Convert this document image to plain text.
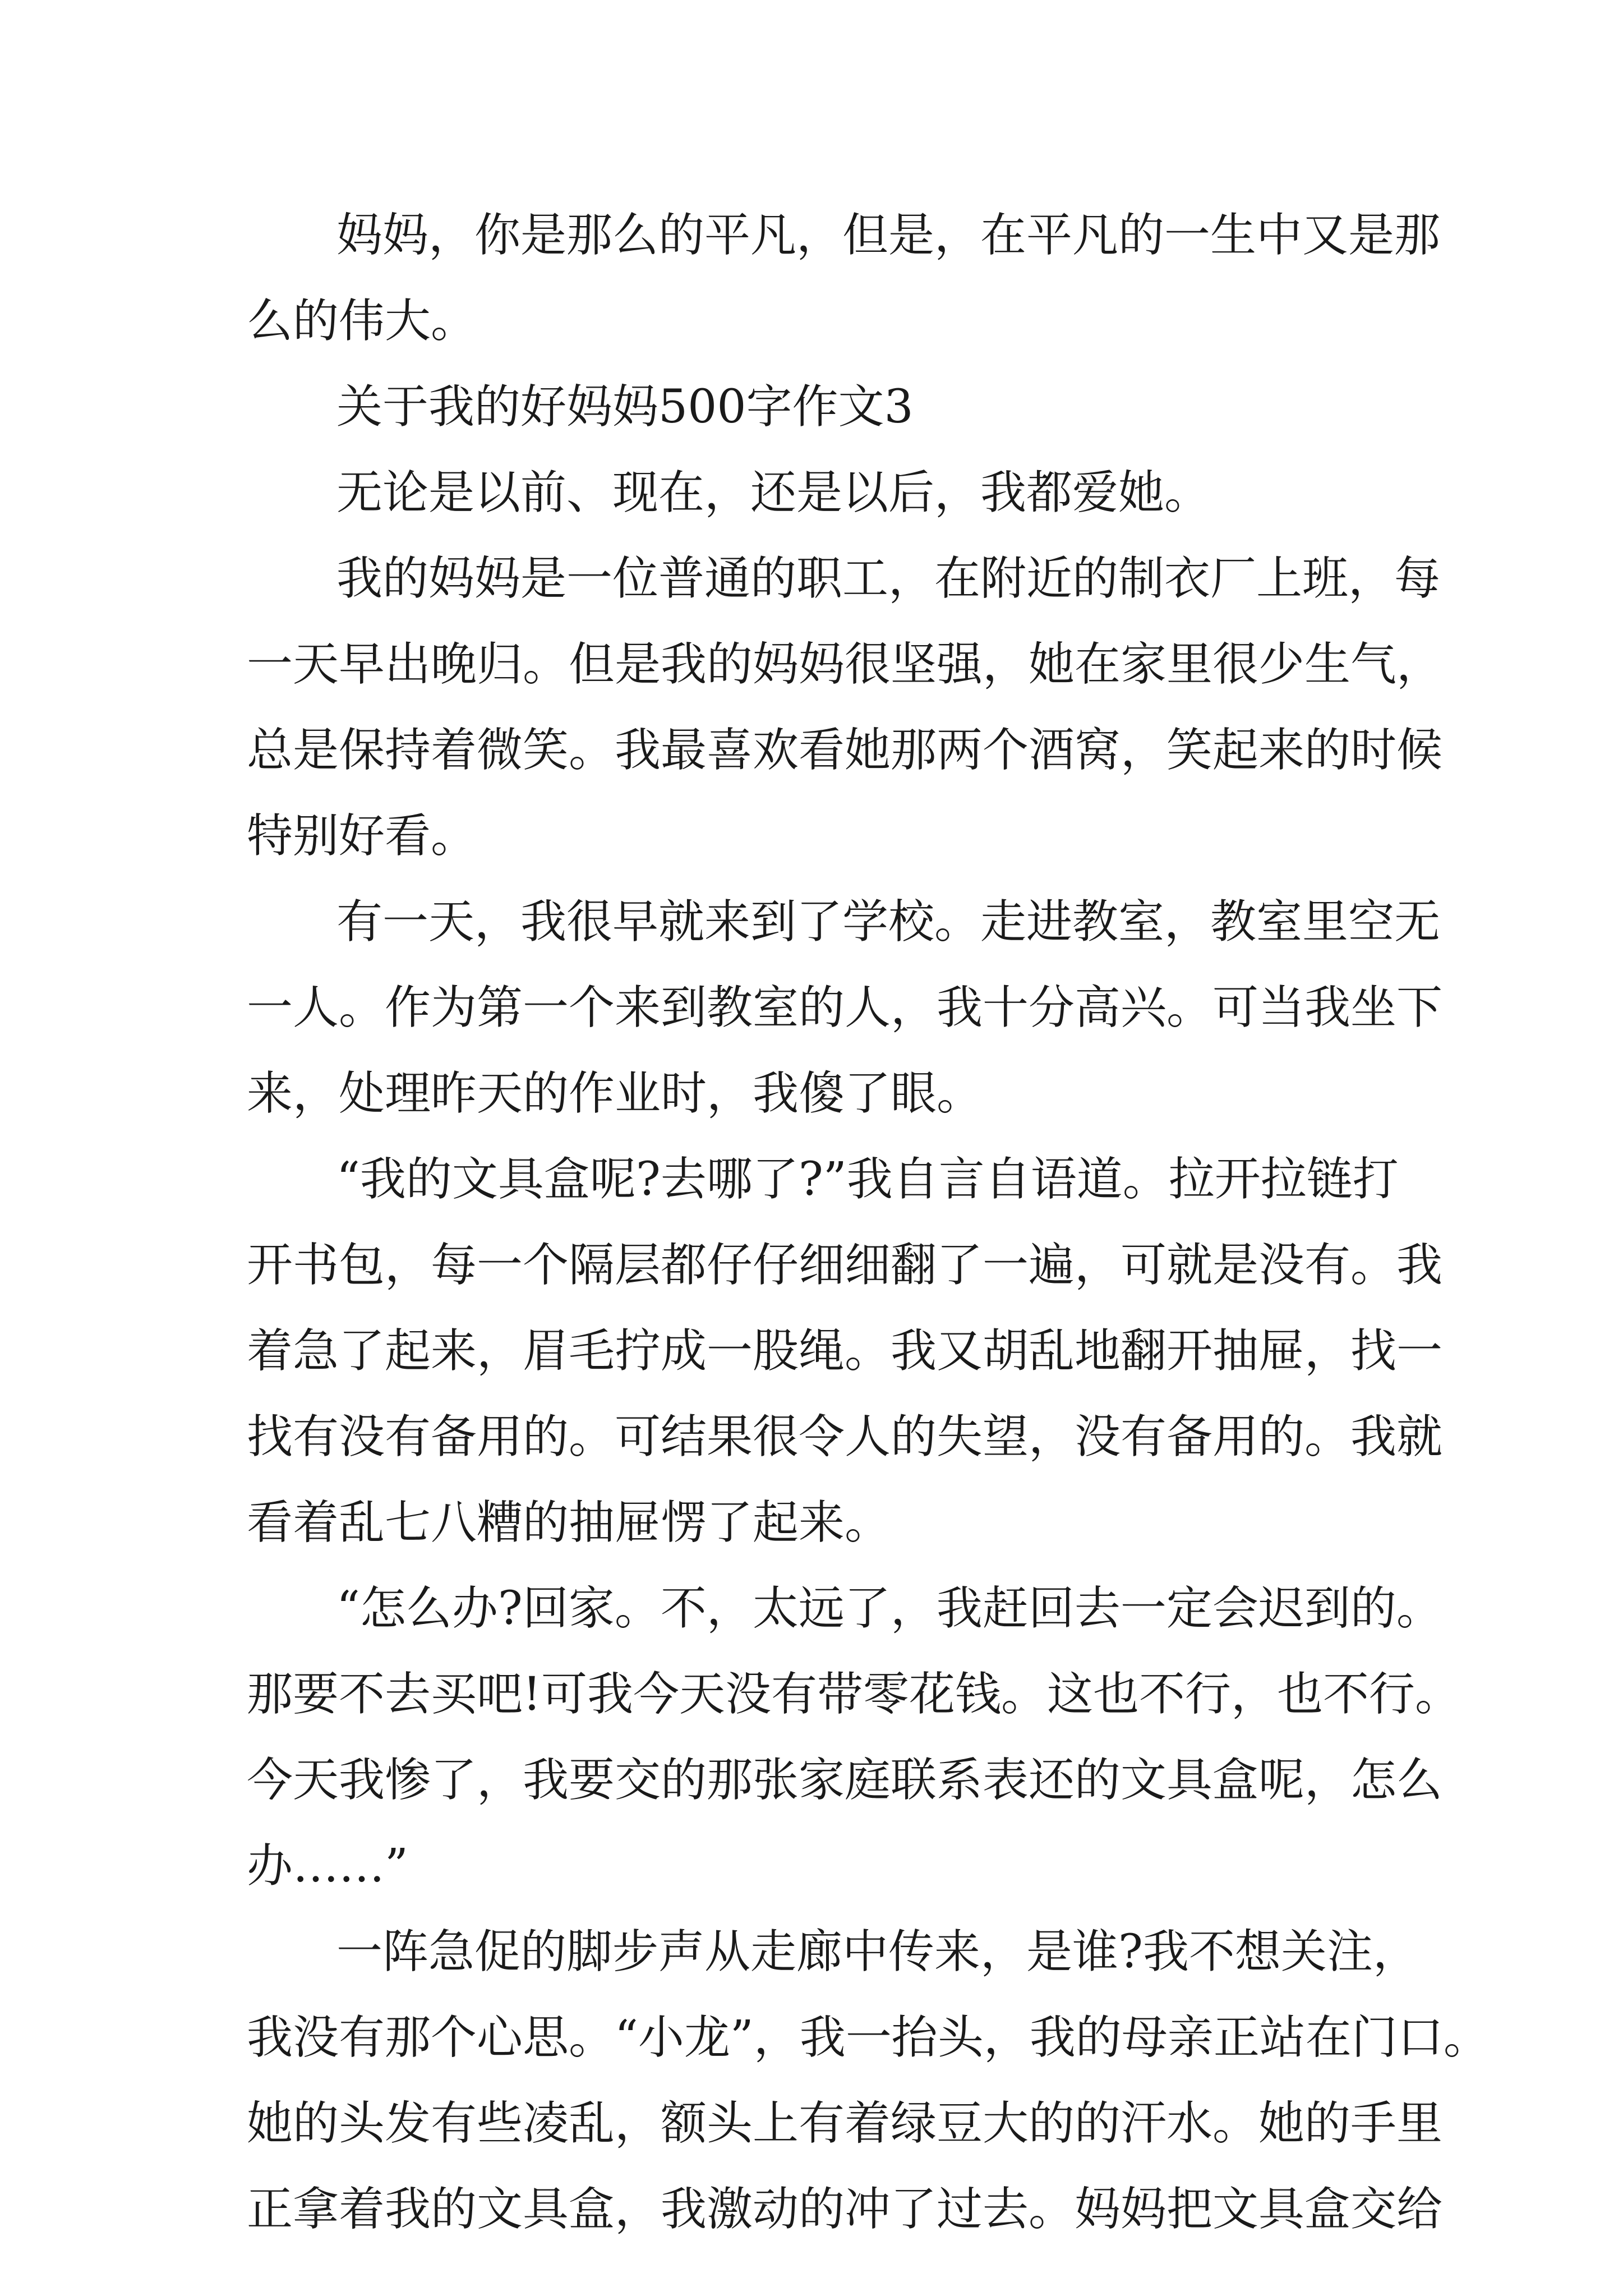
妈妈，你是那么的平凡，但是，在平凡的一生中又是那
么的伟大。
关于我的好妈妈500字作文3
无论是以前、现在，还是以后，我都爱她。
我的妈妈是一位普通的职工，在附近的制衣厂上班，每
一天早出晚归。但是我的妈妈很坚强，她在家里很少生气，
总是保持着微笑。我最喜欢看她那两个酒窝，笑起来的时候
特别好看。
有一天，我很早就来到了学校。走进教室，教室里空无
一人。作为第一个来到教室的人，我十分高兴。可当我坐下
来，处理昨天的作业时，我傻了眼。
“我的文具盒呢?去哪了?”我自言自语道。拉开拉链打
开书包，每一个隔层都仔仔细细翻了一遍，可就是没有。我
着急了起来，眉毛拧成一股绳。我又胡乱地翻开抽屉，找一
找有没有备用的。可结果很令人的失望，没有备用的。我就
看着乱七八糟的抽屉愣了起来。
“怎么办?回家。不，太远了，我赶回去一定会迟到的。
那要不去买吧!可我今天没有带零花钱。这也不行，也不行。
今天我惨了，我要交的那张家庭联系表还的文具盒呢，怎么
办……”
一阵急促的脚步声从走廊中传来，是谁?我不想关注，
我没有那个心思。“小龙”，我一抬头，我的母亲正站在门口。
她的头发有些凌乱，额头上有着绿豆大的的汗水。她的手里
正拿着我的文具盒，我激动的冲了过去。妈妈把文具盒交给
